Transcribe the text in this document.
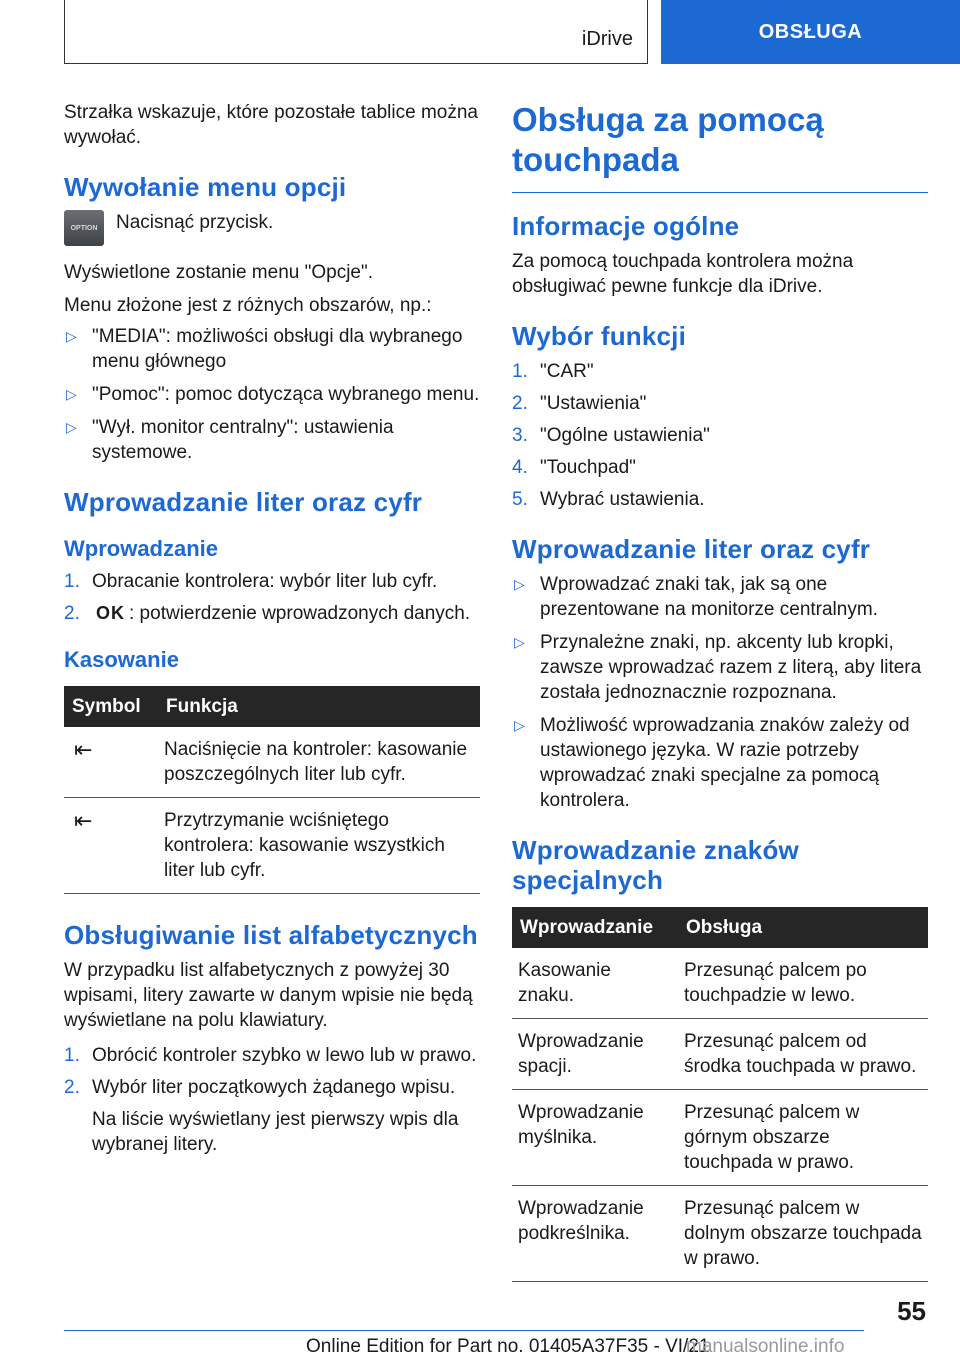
iDrive	OBSŁUGA

Strzałka wskazuje, które pozostałe tablice można wywołać.

Wywołanie menu opcji
OPTION Nacisnąć przycisk.

Wyświetlone zostanie menu "Opcje".

Menu złożone jest z różnych obszarów, np.:

▷ "MEDIA": możliwości obsługi dla wybranego menu głównego
▷ "Pomoc": pomoc dotycząca wybranego menu.
▷ "Wył. monitor centralny": ustawienia systemowe.
Wprowadzanie liter oraz cyfr
Wprowadzanie
1. Obracanie kontrolera: wybór liter lub cyfr.
2. OK : potwierdzenie wprowadzonych danych.
Kasowanie
Symbol	Funkcja
⇤	Naciśnięcie na kontroler: kasowanie poszczególnych liter lub cyfr.
⇤	Przytrzymanie wciśniętego kontrolera: kasowanie wszystkich liter lub cyfr.
Obsługiwanie list alfabetycznych

W przypadku list alfabetycznych z powyżej 30 wpisami, litery zawarte w danym wpisie nie będą wyświetlane na polu klawiatury.

1. Obrócić kontroler szybko w lewo lub w prawo.
2. Wybór liter początkowych żądanego wpisu.

Na liście wyświetlany jest pierwszy wpis dla wybranej litery.

Obsługa za pomocą touchpada
Informacje ogólne

Za pomocą touchpada kontrolera można obsługiwać pewne funkcje dla iDrive.

Wybór funkcji
1. "CAR"
2. "Ustawienia"
3. "Ogólne ustawienia"
4. "Touchpad"
5. Wybrać ustawienia.
Wprowadzanie liter oraz cyfr
▷ Wprowadzać znaki tak, jak są one prezentowane na monitorze centralnym.
▷ Przynależne znaki, np. akcenty lub kropki, zawsze wprowadzać razem z literą, aby litera została jednoznacznie rozpoznana.
▷ Możliwość wprowadzania znaków zależy od ustawionego języka. W razie potrzeby wprowadzać znaki specjalne za pomocą kontrolera.
Wprowadzanie znaków specjalnych
Wprowadzanie	Obsługa
Kasowanie znaku.	Przesunąć palcem po touchpadzie w lewo.
Wprowadzanie spacji.	Przesunąć palcem od środka touchpada w prawo.
Wprowadzanie myślnika.	Przesunąć palcem w górnym obszarze touchpada w prawo.
Wprowadzanie podkreślnika.	Przesunąć palcem w dolnym obszarze touchpada w prawo.
55
Online Edition for Part no. 01405A37F35 - VI/21
manualsonline.info
